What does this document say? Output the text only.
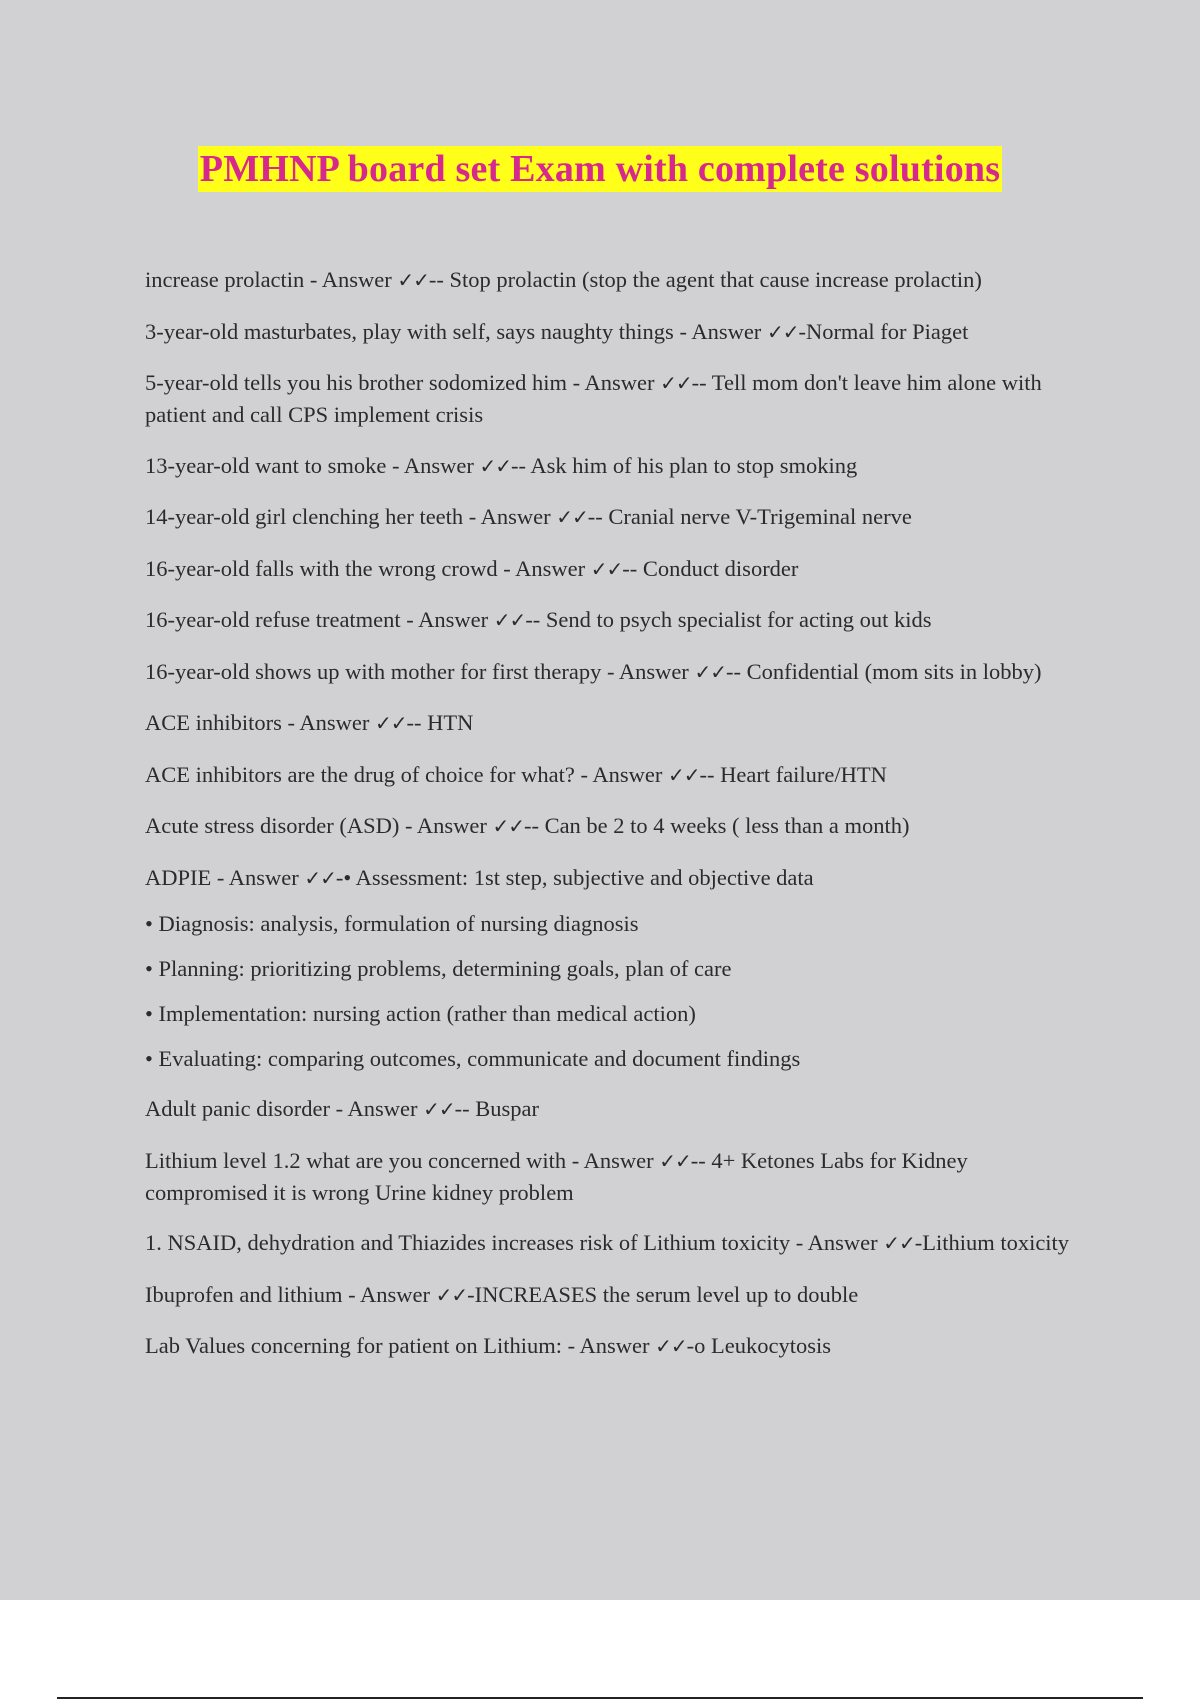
PMHNP board set Exam with complete solutions
increase prolactin - Answer ✓✓-- Stop prolactin (stop the agent that cause increase prolactin)
3-year-old masturbates, play with self, says naughty things - Answer ✓✓-Normal for Piaget
5-year-old tells you his brother sodomized him - Answer ✓✓-- Tell mom don't leave him alone with patient and call CPS implement crisis
13-year-old want to smoke - Answer ✓✓-- Ask him of his plan to stop smoking
14-year-old girl clenching her teeth - Answer ✓✓-- Cranial nerve V-Trigeminal nerve
16-year-old falls with the wrong crowd - Answer ✓✓-- Conduct disorder
16-year-old refuse treatment - Answer ✓✓-- Send to psych specialist for acting out kids
16-year-old shows up with mother for first therapy - Answer ✓✓-- Confidential (mom sits in lobby)
ACE inhibitors - Answer ✓✓-- HTN
ACE inhibitors are the drug of choice for what? - Answer ✓✓-- Heart failure/HTN
Acute stress disorder (ASD) - Answer ✓✓-- Can be 2 to 4 weeks ( less than a month)
ADPIE - Answer ✓✓-• Assessment: 1st step, subjective and objective data
• Diagnosis: analysis, formulation of nursing diagnosis
• Planning: prioritizing problems, determining goals, plan of care
• Implementation: nursing action (rather than medical action)
• Evaluating: comparing outcomes, communicate and document findings
Adult panic disorder - Answer ✓✓-- Buspar
Lithium level 1.2 what are you concerned with - Answer ✓✓-- 4+ Ketones Labs for Kidney compromised it is wrong Urine kidney problem
1. NSAID, dehydration and Thiazides increases risk of Lithium toxicity - Answer ✓✓-Lithium toxicity
Ibuprofen and lithium - Answer ✓✓-INCREASES the serum level up to double
Lab Values concerning for patient on Lithium: - Answer ✓✓-o Leukocytosis
